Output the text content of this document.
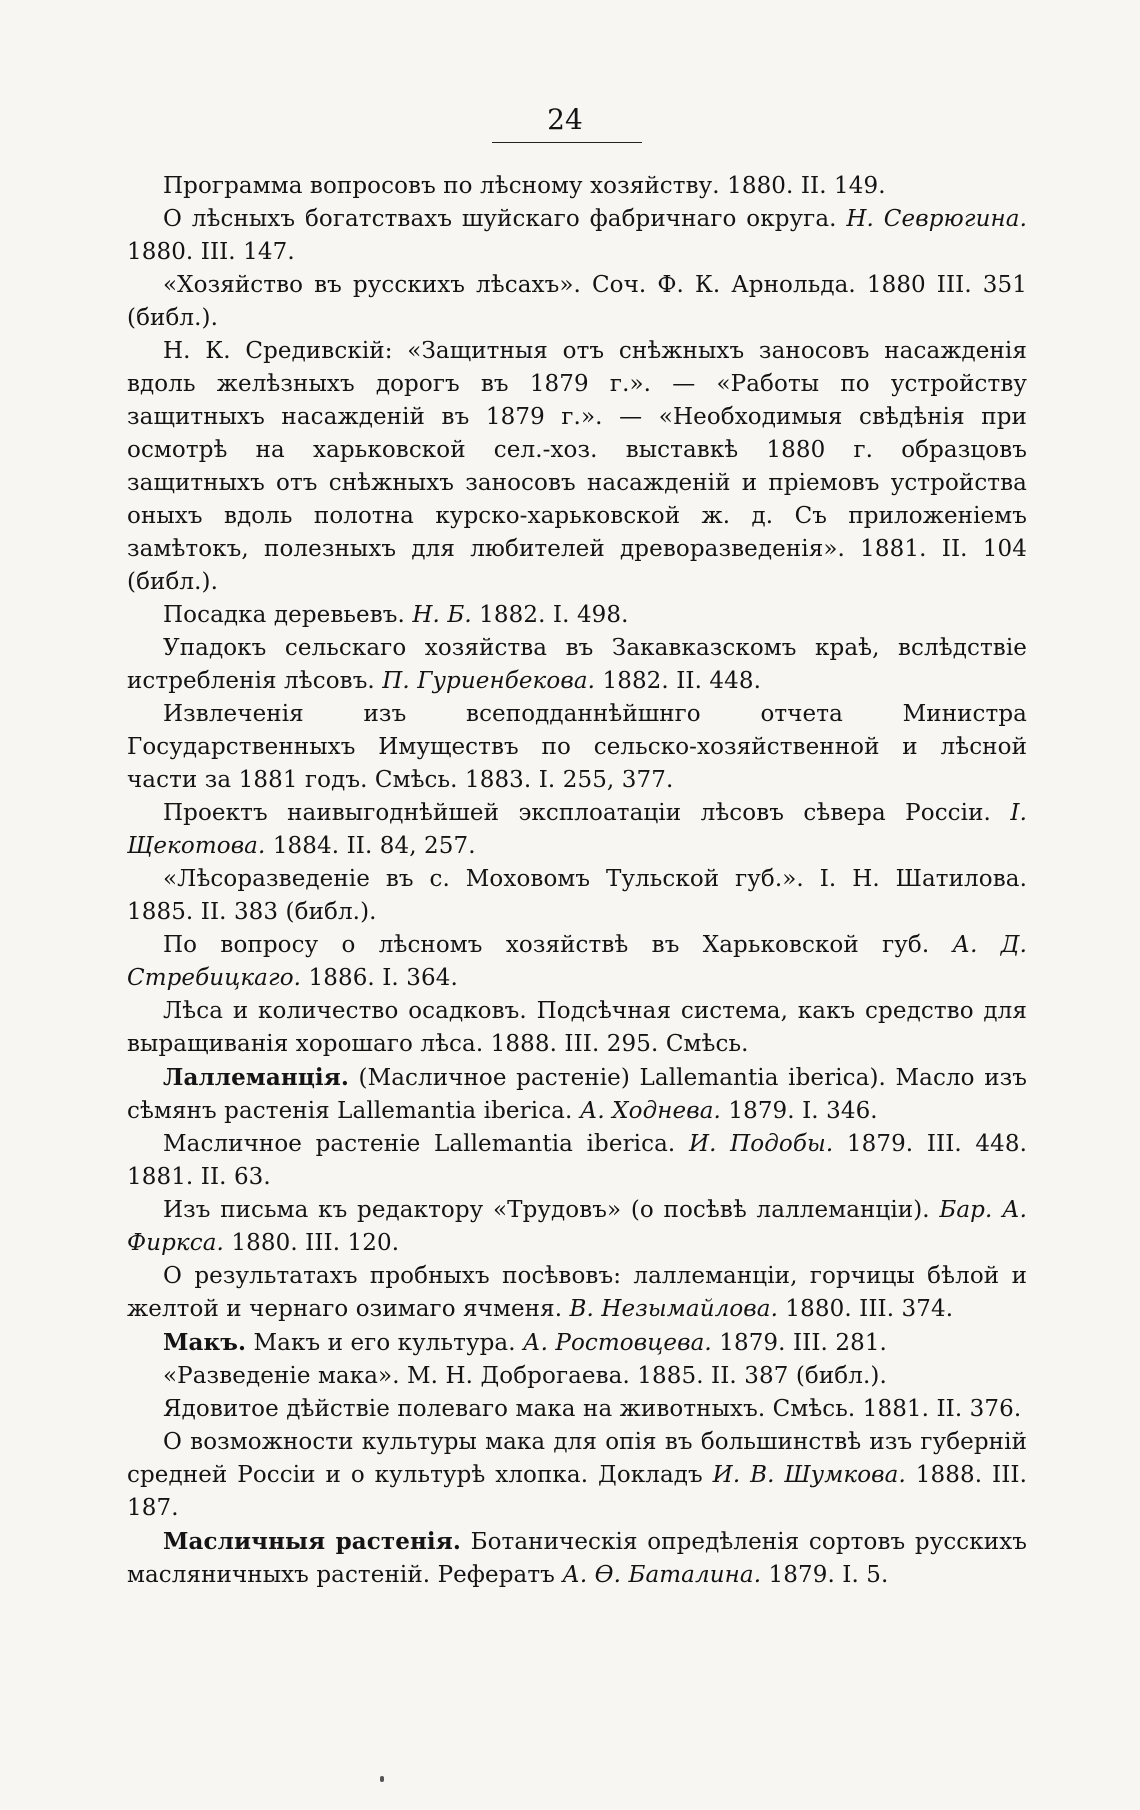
24

Программа вопросовъ по лѣсному хозяйству. 1880. II. 149.

О лѣсныхъ богатствахъ шуйскаго фабричнаго округа. Н. Севрюгина. 1880. III. 147.

«Хозяйство въ русскихъ лѣсахъ». Соч. Ф. К. Арнольда. 1880 III. 351 (библ.).

Н. К. Средивскій: «Защитныя отъ снѣжныхъ заносовъ насажденія вдоль желѣзныхъ дорогъ въ 1879 г.». — «Работы по устройству защитныхъ насажденій въ 1879 г.». — «Необходимыя свѣдѣнія при осмотрѣ на харьковской сел.-хоз. выставкѣ 1880 г. образцовъ защитныхъ отъ снѣжныхъ заносовъ насажденій и пріемовъ устройства оныхъ вдоль полотна курско-харьковской ж. д. Съ приложеніемъ замѣтокъ, полезныхъ для любителей древоразведенія». 1881. II. 104 (библ.).

Посадка деревьевъ. Н. Б. 1882. I. 498.

Упадокъ сельскаго хозяйства въ Закавказскомъ краѣ, вслѣдствіе истребленія лѣсовъ. П. Гуриенбекова. 1882. II. 448.

Извлеченія изъ всеподданнѣйшнго отчета Министра Государственныхъ Имуществъ по сельско-хозяйственной и лѣсной части за 1881 годъ. Смѣсь. 1883. I. 255, 377.

Проектъ наивыгоднѣйшей эксплоатаціи лѣсовъ сѣвера Россіи. І. Щекотова. 1884. II. 84, 257.

«Лѣсоразведеніе въ с. Моховомъ Тульской губ.». І. Н. Шатилова. 1885. II. 383 (библ.).

По вопросу о лѣсномъ хозяйствѣ въ Харьковской губ. А. Д. Стребицкаго. 1886. I. 364.

Лѣса и количество осадковъ. Подсѣчная система, какъ средство для выращиванія хорошаго лѣса. 1888. III. 295. Смѣсь.

Лаллеманція. (Масличное растеніе) Lallemantia iberica). Масло изъ сѣмянъ растенія Lallemantia iberica. А. Ходнева. 1879. I. 346.

Масличное растеніе Lallemantia iberica. И. Подобы. 1879. III. 448. 1881. II. 63.

Изъ письма къ редактору «Трудовъ» (о посѣвѣ лаллеманціи). Бар. А. Фиркса. 1880. III. 120.

О результатахъ пробныхъ посѣвовъ: лаллеманціи, горчицы бѣлой и желтой и чернаго озимаго ячменя. В. Незымайлова. 1880. III. 374.

Макъ. Макъ и его культура. А. Ростовцева. 1879. III. 281.

«Разведеніе мака». М. Н. Доброгаева. 1885. II. 387 (библ.).

Ядовитое дѣйствіе полеваго мака на животныхъ. Смѣсь. 1881. II. 376.

О возможности культуры мака для опія въ большинствѣ изъ губерній средней Россіи и о культурѣ хлопка. Докладъ И. В. Шумкова. 1888. III. 187.

Масличныя растенія. Ботаническія опредѣленія сортовъ русскихъ масляничныхъ растеній. Рефератъ А. Ѳ. Баталина. 1879. I. 5.
